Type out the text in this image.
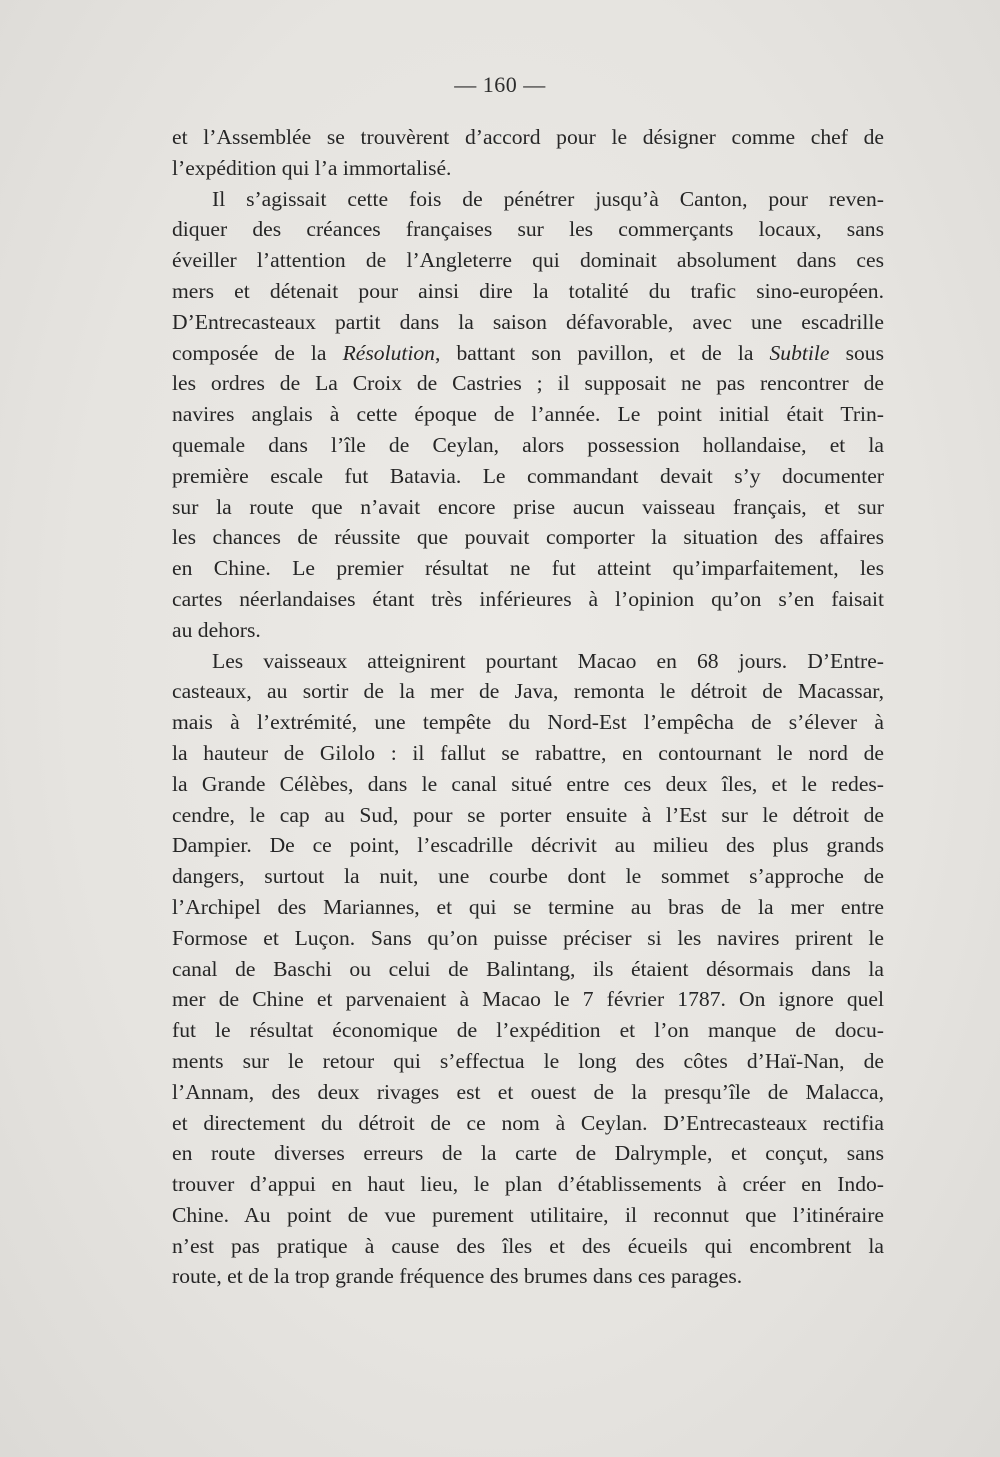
— 160 —
et l’Assemblée se trouvèrent d’accord pour le désigner comme chef de
l’expédition qui l’a immortalisé.
Il s’agissait cette fois de pénétrer jusqu’à Canton, pour reven-
diquer des créances françaises sur les commerçants locaux, sans
éveiller l’attention de l’Angleterre qui dominait absolument dans ces
mers et détenait pour ainsi dire la totalité du trafic sino-européen.
D’Entrecasteaux partit dans la saison défavorable, avec une escadrille
composée de la Résolution, battant son pavillon, et de la Subtile sous
les ordres de La Croix de Castries ; il supposait ne pas rencontrer de
navires anglais à cette époque de l’année. Le point initial était Trin-
quemale dans l’île de Ceylan, alors possession hollandaise, et la
première escale fut Batavia. Le commandant devait s’y documenter
sur la route que n’avait encore prise aucun vaisseau français, et sur
les chances de réussite que pouvait comporter la situation des affaires
en Chine. Le premier résultat ne fut atteint qu’imparfaitement, les
cartes néerlandaises étant très inférieures à l’opinion qu’on s’en faisait
au dehors.
Les vaisseaux atteignirent pourtant Macao en 68 jours. D’Entre-
casteaux, au sortir de la mer de Java, remonta le détroit de Macassar,
mais à l’extrémité, une tempête du Nord-Est l’empêcha de s’élever à
la hauteur de Gilolo : il fallut se rabattre, en contournant le nord de
la Grande Célèbes, dans le canal situé entre ces deux îles, et le redes-
cendre, le cap au Sud, pour se porter ensuite à l’Est sur le détroit de
Dampier. De ce point, l’escadrille décrivit au milieu des plus grands
dangers, surtout la nuit, une courbe dont le sommet s’approche de
l’Archipel des Mariannes, et qui se termine au bras de la mer entre
Formose et Luçon. Sans qu’on puisse préciser si les navires prirent le
canal de Baschi ou celui de Balintang, ils étaient désormais dans la
mer de Chine et parvenaient à Macao le 7 février 1787. On ignore quel
fut le résultat économique de l’expédition et l’on manque de docu-
ments sur le retour qui s’effectua le long des côtes d’Haï-Nan, de
l’Annam, des deux rivages est et ouest de la presqu’île de Malacca,
et directement du détroit de ce nom à Ceylan. D’Entrecasteaux rectifia
en route diverses erreurs de la carte de Dalrymple, et conçut, sans
trouver d’appui en haut lieu, le plan d’établissements à créer en Indo-
Chine. Au point de vue purement utilitaire, il reconnut que l’itinéraire
n’est pas pratique à cause des îles et des écueils qui encombrent la
route, et de la trop grande fréquence des brumes dans ces parages.
